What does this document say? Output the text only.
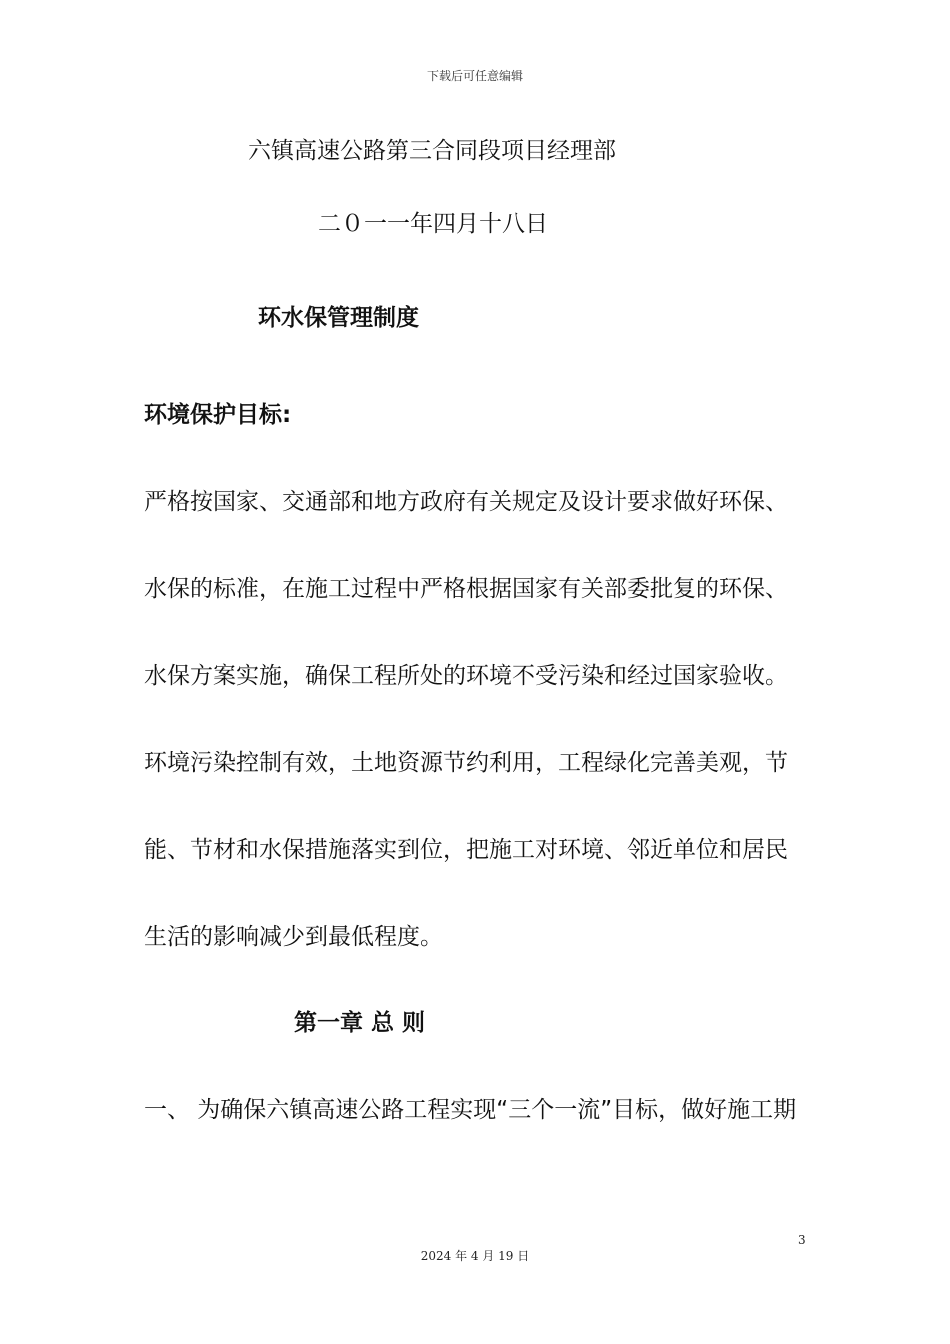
下载后可任意编辑
六镇高速公路第三合同段项目经理部
二０一一年四月十八日
环水保管理制度
环境保护目标:
严格按国家、交通部和地方政府有关规定及设计要求做好环保、
水保的标准，在施工过程中严格根据国家有关部委批复的环保、
水保方案实施，确保工程所处的环境不受污染和经过国家验收。
环境污染控制有效，土地资源节约利用，工程绿化完善美观，节
能、节材和水保措施落实到位，把施工对环境、邻近单位和居民
生活的影响减少到最低程度。
第一章 总 则
一、 为确保六镇高速公路工程实现“三个一流”目标，做好施工期
3
2024 年 4 月 19 日
